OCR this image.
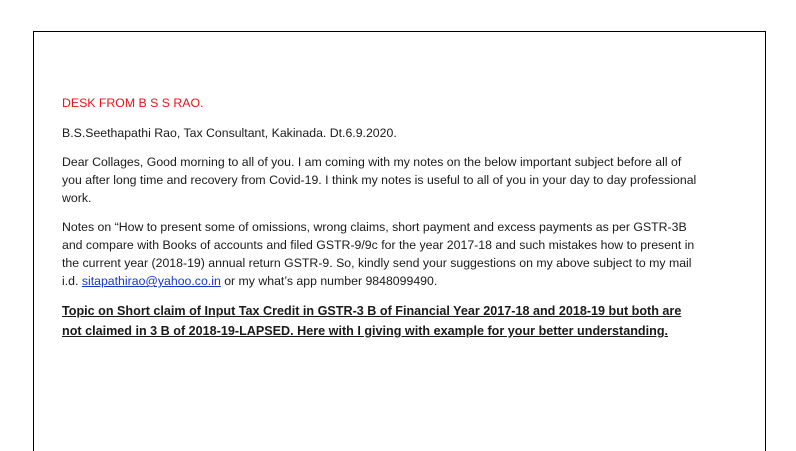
DESK FROM B S S RAO.

B.S.Seethapathi Rao, Tax Consultant, Kakinada. Dt.6.9.2020.

Dear Collages, Good morning to all of you. I am coming with my notes on the below important subject before all of you after long time and recovery from Covid-19. I think my notes is useful to all of you in your day to day professional work.

Notes on “How to present some of omissions, wrong claims, short payment and excess payments as per GSTR-3B and compare with Books of accounts and filed GSTR-9/9c for the year 2017-18 and such mistakes how to present in the current year (2018-19) annual return GSTR-9. So, kindly send your suggestions on my above subject to my mail i.d. sitapathirao@yahoo.co.in or my what’s app number 9848099490.

Topic on Short claim of Input Tax Credit in GSTR-3 B of Financial Year 2017-18 and 2018-19 but both are not claimed in 3 B of 2018-19-LAPSED. Here with I giving with example for your better understanding.
